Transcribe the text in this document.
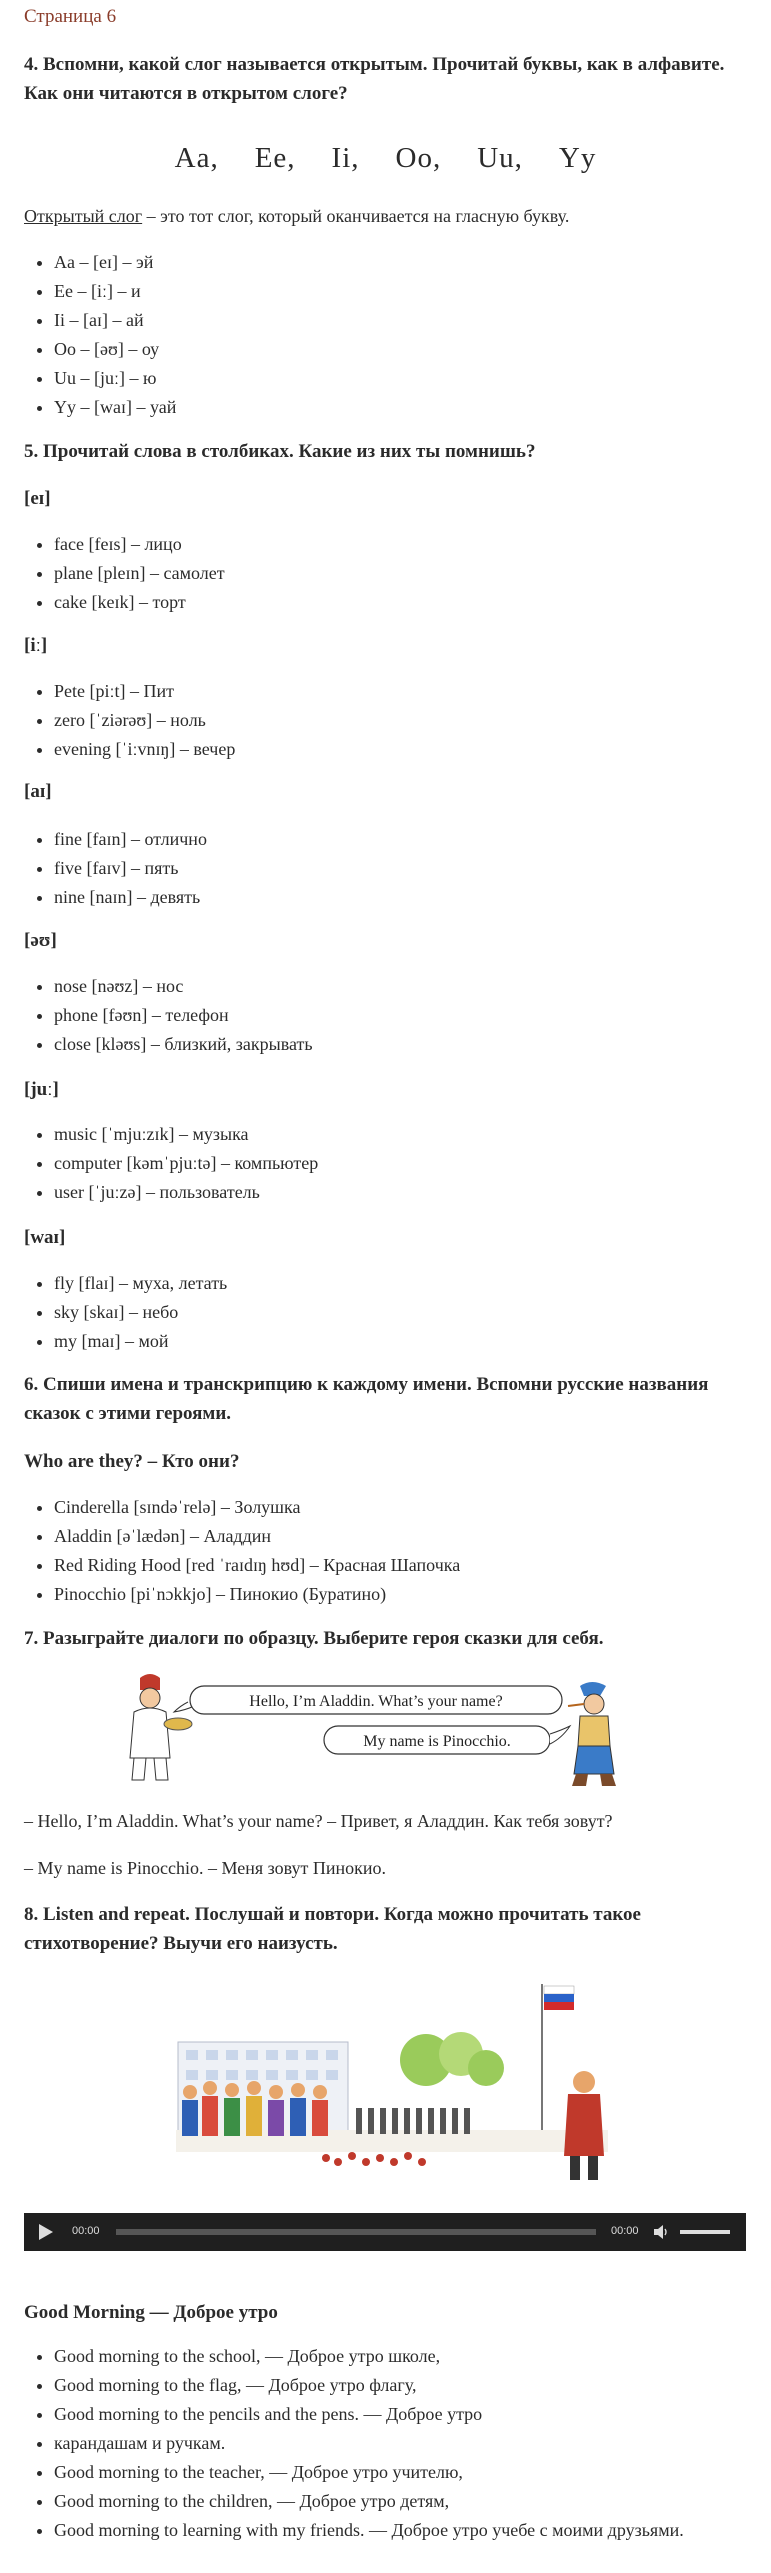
Страница 6
4. Вспомни, какой слог называется открытым. Прочитай буквы, как в алфавите. Как они читаются в открытом слоге?
Aa, Ee, Ii, Oo, Uu, Yy
Открытый слог – это тот слог, который оканчивается на гласную букву.
• Aa – [eɪ] – эй
• Ee – [iː] – и
• Ii – [aɪ] – ай
• Oo – [əʊ] – оу
• Uu – [juː] – ю
• Yy – [waɪ] – уай
5. Прочитай слова в столбиках. Какие из них ты помнишь?
[eɪ]
• face [feɪs] – лицо
• plane [pleɪn] – самолет
• cake [keɪk] – торт
[iː]
• Pete [piːt] – Пит
• zero [ˈziərəʊ] – ноль
• evening [ˈiːvnɪŋ] – вечер
[aɪ]
• fine [faɪn] – отлично
• five [faɪv] – пять
• nine [naɪn] – девять
[əʊ]
• nose [nəʊz] – нос
• phone [fəʊn] – телефон
• close [kləʊs] – близкий, закрывать
[juː]
• music [ˈmjuːzɪk] – музыка
• computer [kəmˈpjuːtə] – компьютер
• user [ˈjuːzə] – пользователь
[waɪ]
• fly [flaɪ] – муха, летать
• sky [skaɪ] – небо
• my [maɪ] – мой
6. Спиши имена и транскрипцию к каждому имени. Вспомни русские названия сказок с этими героями.
Who are they? – Кто они?
• Cinderella [sɪndəˈrelə] – Золушка
• Aladdin [əˈlædən] – Аладдин
• Red Riding Hood [red ˈraɪdɪŋ hʊd] – Красная Шапочка
• Pinocchio [piˈnɔkkjo] – Пинокио (Буратино)
7. Разыграйте диалоги по образцу. Выберите героя сказки для себя.
Hello, I’m Aladdin. What’s your name?
My name is Pinocchio.
– Hello, I’m Aladdin. What’s your name? – Привет, я Аладдин. Как тебя зовут?
– My name is Pinocchio. – Меня зовут Пинокио.
8. Listen and repeat. Послушай и повтори. Когда можно прочитать такое стихотворение? Выучи его наизусть.
00:00	00:00
Good Morning — Доброе утро
• Good morning to the school, — Доброе утро школе,
• Good morning to the flag, — Доброе утро флагу,
• Good morning to the pencils and the pens. — Доброе утро
• карандашам и ручкам.
• Good morning to the teacher, — Доброе утро учителю,
• Good morning to the children, — Доброе утро детям,
• Good morning to learning with my friends. — Доброе утро учебе с моими друзьями.
